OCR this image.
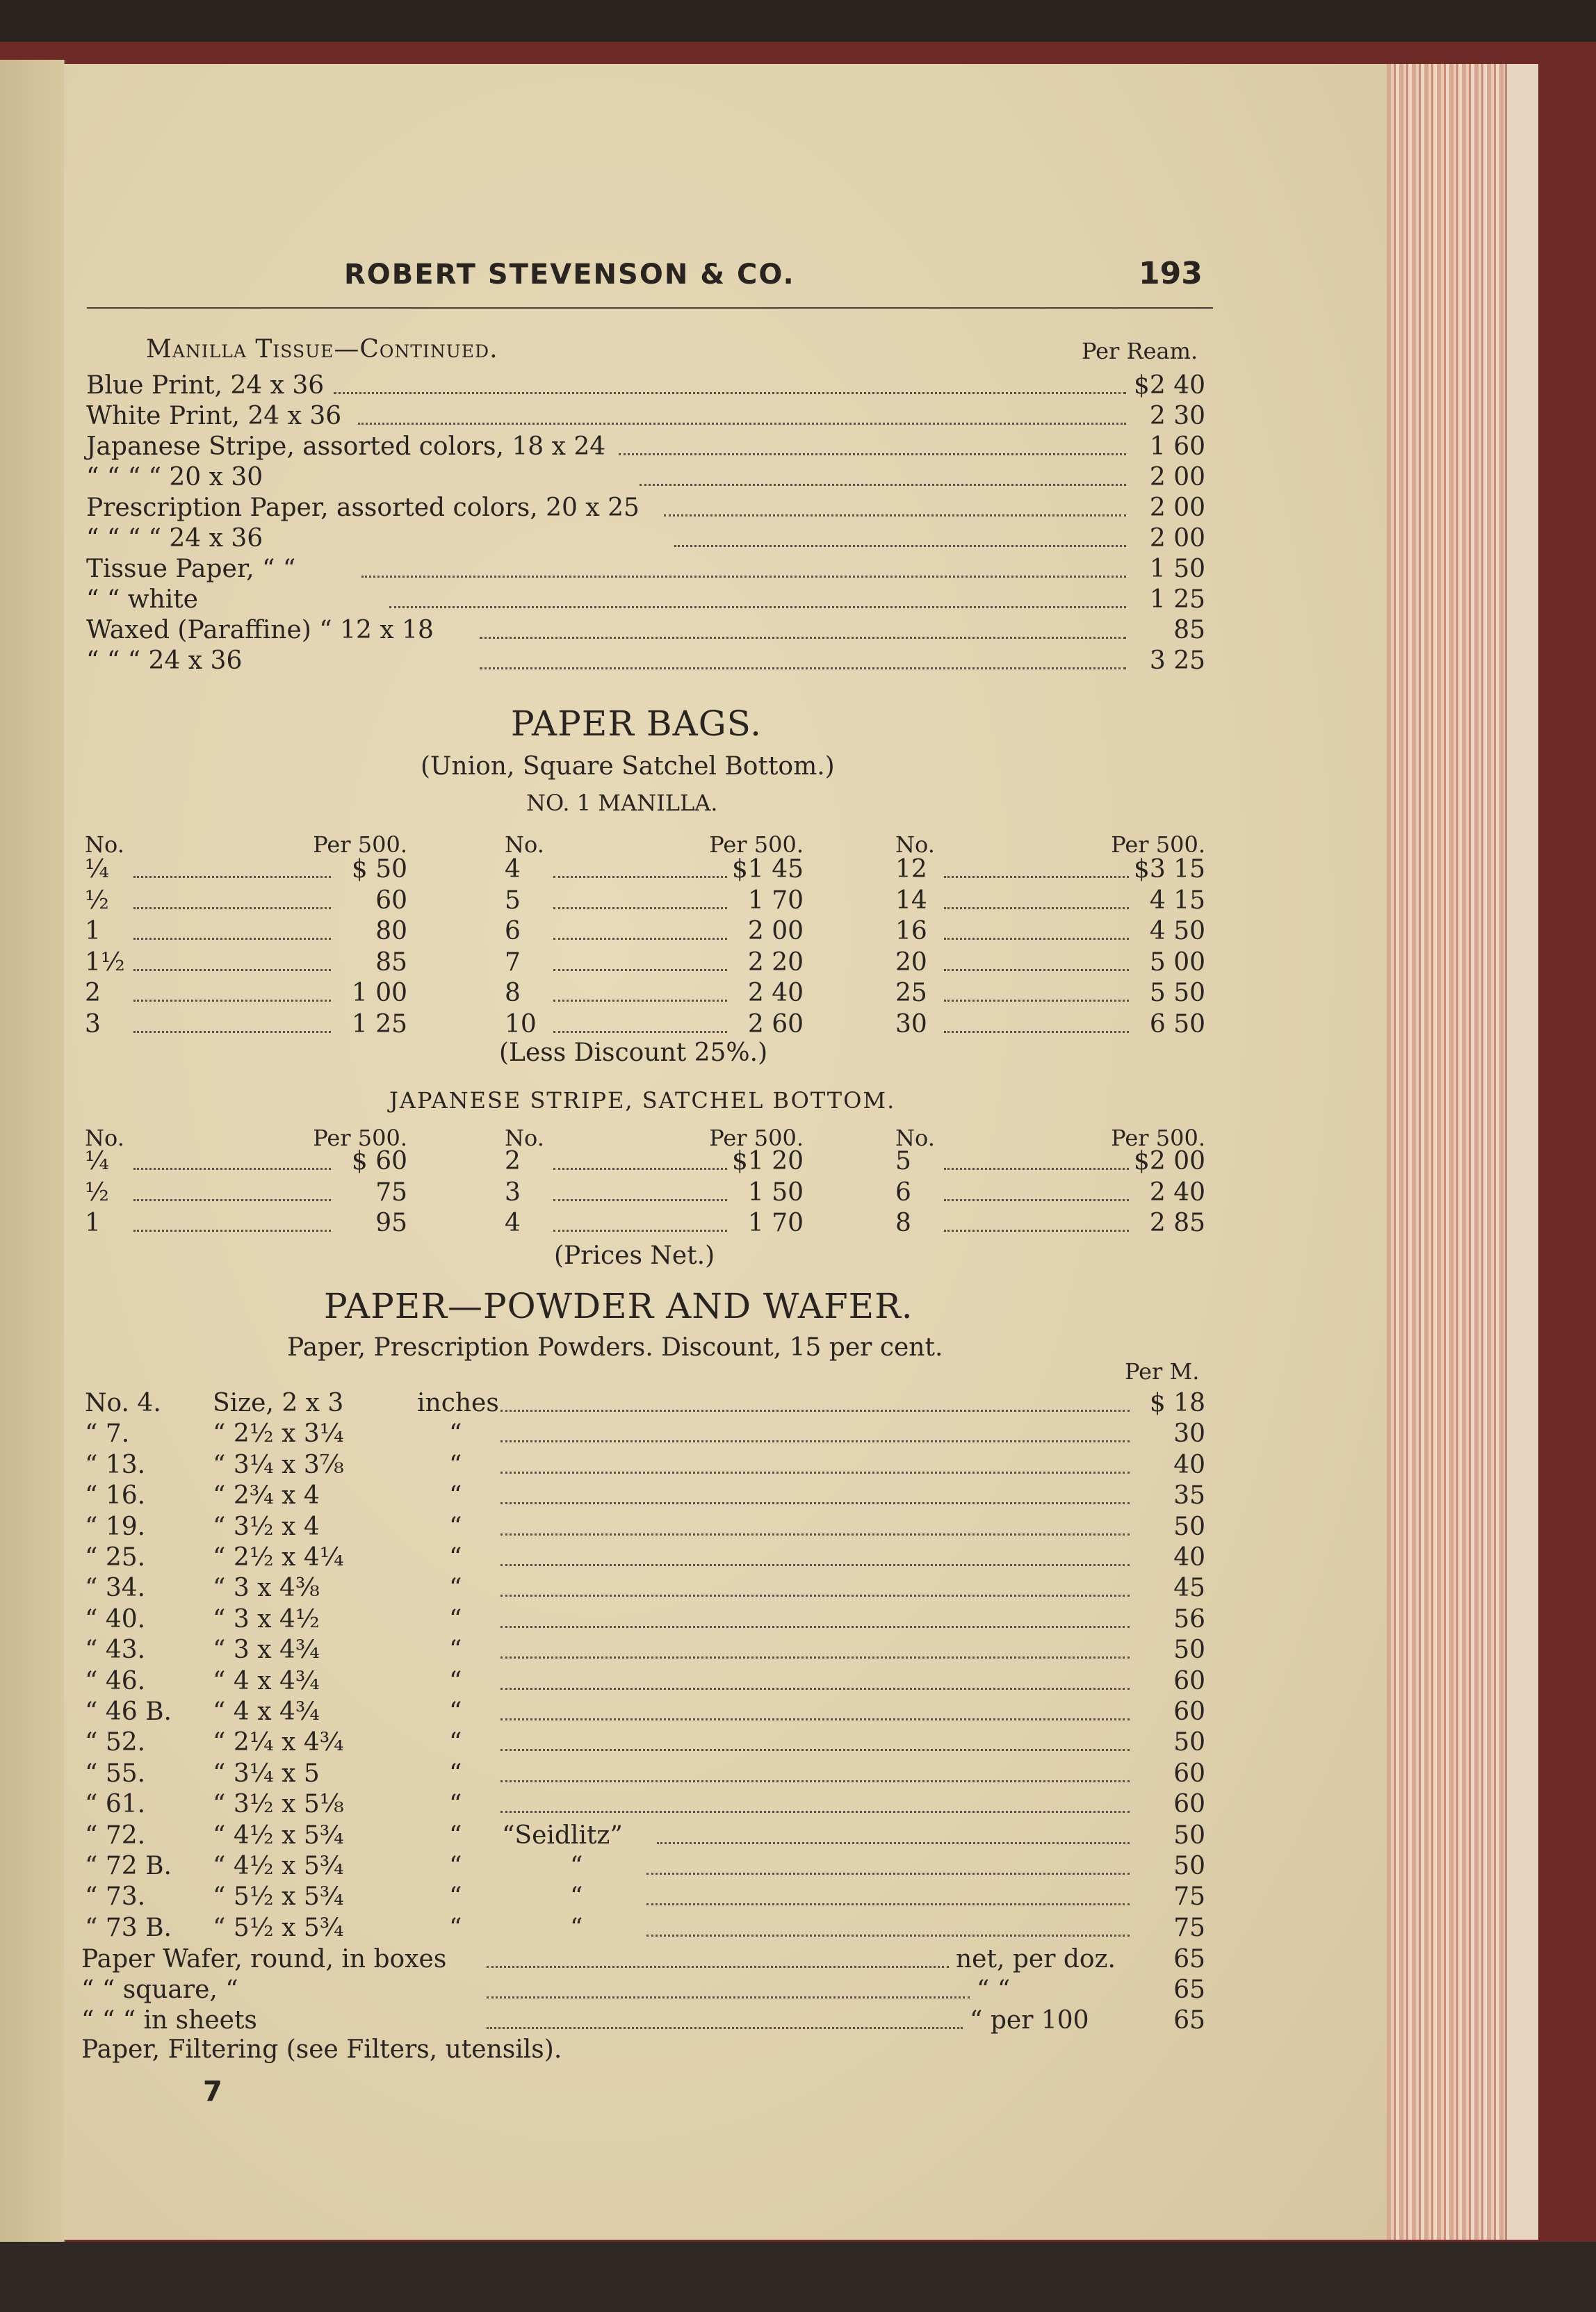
ROBERT STEVENSON & CO.	193
Manilla Tissue—Continued.	Per Ream.
Blue Print, 24 x 36	$2 40
White Print, 24 x 36	2 30
Japanese Stripe, assorted colors, 18 x 24	1 60
“ “ “ “ 20 x 30	2 00
Prescription Paper, assorted colors, 20 x 25	2 00
“ “ “ “ 24 x 36	2 00
Tissue Paper, “ “	1 50
“ “ white	1 25
Waxed (Paraffine) “ 12 x 18	85
“ “ “ 24 x 36	3 25
PAPER BAGS.
(Union, Square Satchel Bottom.)
NO. 1 MANILLA.
No.	Per 500.
¼	$ 50
½	60
1	80
1½	85
2	1 00
3	1 25
No.	Per 500.
4	$1 45
5	1 70
6	2 00
7	2 20
8	2 40
10	2 60
No.	Per 500.
12	$3 15
14	4 15
16	4 50
20	5 00
25	5 50
30	6 50
(Less Discount 25%.)
JAPANESE STRIPE, SATCHEL BOTTOM.
No.	Per 500.
¼	$ 60
½	75
1	95
No.	Per 500.
2	$1 20
3	1 50
4	1 70
No.	Per 500.
5	$2 00
6	2 40
8	2 85
(Prices Net.)
PAPER—POWDER AND WAFER.
Paper, Prescription Powders. Discount, 15 per cent.
Per M.
No. 4. Size, 2 x 3	inches	$ 18
“ 7.	“ 2½ x 3¼	“	30
“ 13.	“ 3¼ x 3⅞	“	40
“ 16.	“ 2¾ x 4	“	35
“ 19.	“ 3½ x 4	“	50
“ 25.	“ 2½ x 4¼	“	40
“ 34.	“ 3 x 4⅜	“	45
“ 40.	“ 3 x 4½	“	56
“ 43.	“ 3 x 4¾	“	50
“ 46.	“ 4 x 4¾	“	60
“ 46 B. “ 4 x 4¾	“	60
“ 52.	“ 2¼ x 4¾	“	50
“ 55.	“ 3¼ x 5	“	60
“ 61.	“ 3½ x 5⅛	“	60
“ 72.	“ 4½ x 5¾	“ “Seidlitz”	50
“ 72 B. “ 4½ x 5¾	“	“	50
“ 73.	“ 5½ x 5¾	“	“	75
“ 73 B. “ 5½ x 5¾	“	“	75
Paper Wafer, round, in boxes	net, per doz.	65
“ “ square, “	“ “	65
“ “ “ in sheets	“ per 100	65
Paper, Filtering (see Filters, utensils).
7
